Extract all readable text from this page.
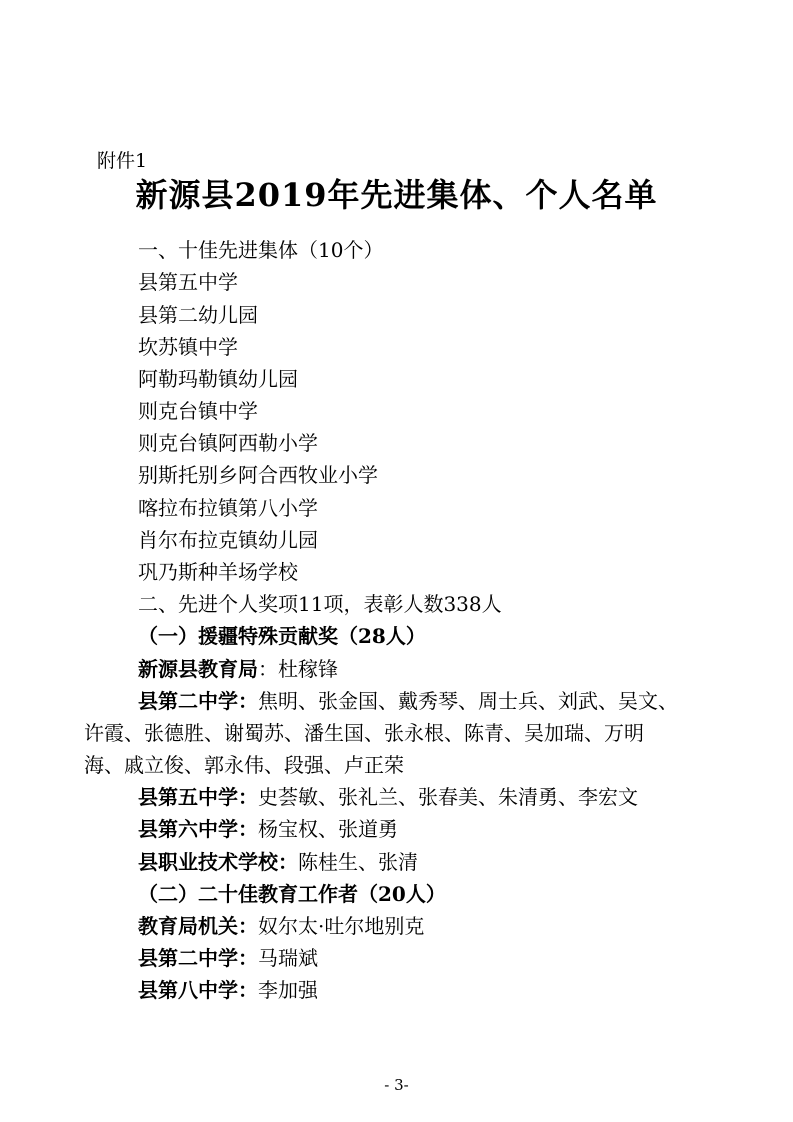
附件1
新源县2019年先进集体、个人名单
一、十佳先进集体（10个）
县第五中学
县第二幼儿园
坎苏镇中学
阿勒玛勒镇幼儿园
则克台镇中学
则克台镇阿西勒小学
别斯托别乡阿合西牧业小学
喀拉布拉镇第八小学
肖尔布拉克镇幼儿园
巩乃斯种羊场学校
二、先进个人奖项11项，表彰人数338人
（一）援疆特殊贡献奖（28人）
新源县教育局：杜稼锋
县第二中学：焦明、张金国、戴秀琴、周士兵、刘武、吴文、
许霞、张德胜、谢蜀苏、潘生国、张永根、陈青、吴加瑞、万明
海、戚立俊、郭永伟、段强、卢正荣
县第五中学：史荟敏、张礼兰、张春美、朱清勇、李宏文
县第六中学：杨宝权、张道勇
县职业技术学校：陈桂生、张清
（二）二十佳教育工作者（20人）
教育局机关：奴尔太·吐尔地别克
县第二中学：马瑞斌
县第八中学：李加强
- 3-
